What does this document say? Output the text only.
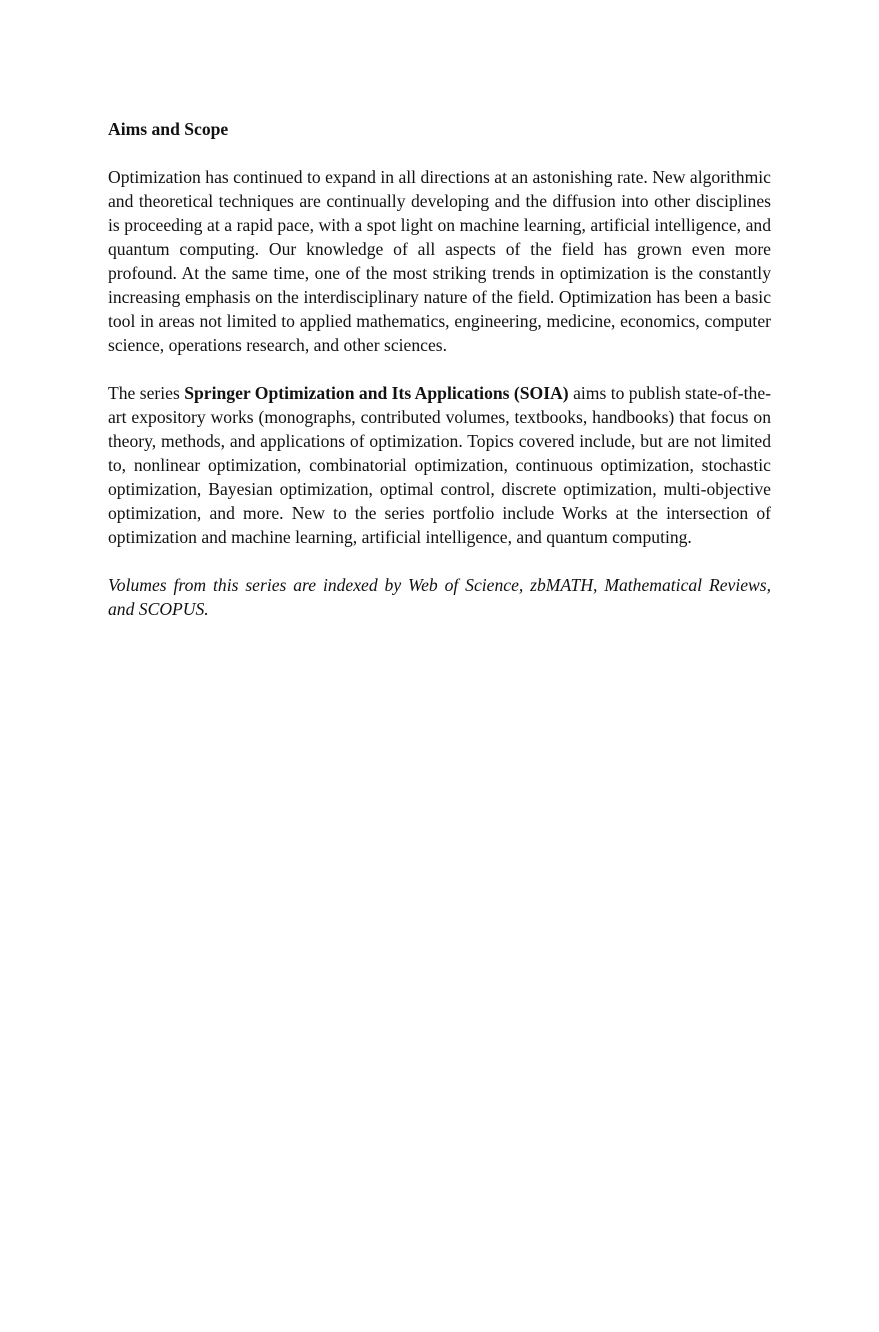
Aims and Scope

Optimization has continued to expand in all directions at an astonishing rate. New algorithmic and theoretical techniques are continually developing and the diffusion into other disciplines is proceeding at a rapid pace, with a spot light on machine learning, artificial intelligence, and quantum computing. Our knowledge of all aspects of the field has grown even more profound. At the same time, one of the most striking trends in optimization is the constantly increasing emphasis on the interdisciplinary nature of the field. Optimization has been a basic tool in areas not limited to applied mathematics, engineering, medicine, economics, computer science, operations research, and other sciences.

The series Springer Optimization and Its Applications (SOIA) aims to publish state-of-the-art expository works (monographs, contributed volumes, textbooks, handbooks) that focus on theory, methods, and applications of optimization. Topics covered include, but are not limited to, nonlinear optimization, combinatorial optimization, continuous optimization, stochastic optimization, Bayesian optimization, optimal control, discrete optimization, multi-objective optimization, and more. New to the series portfolio include Works at the intersection of optimization and machine learning, artificial intelligence, and quantum computing.

Volumes from this series are indexed by Web of Science, zbMATH, Mathematical Reviews, and SCOPUS.
